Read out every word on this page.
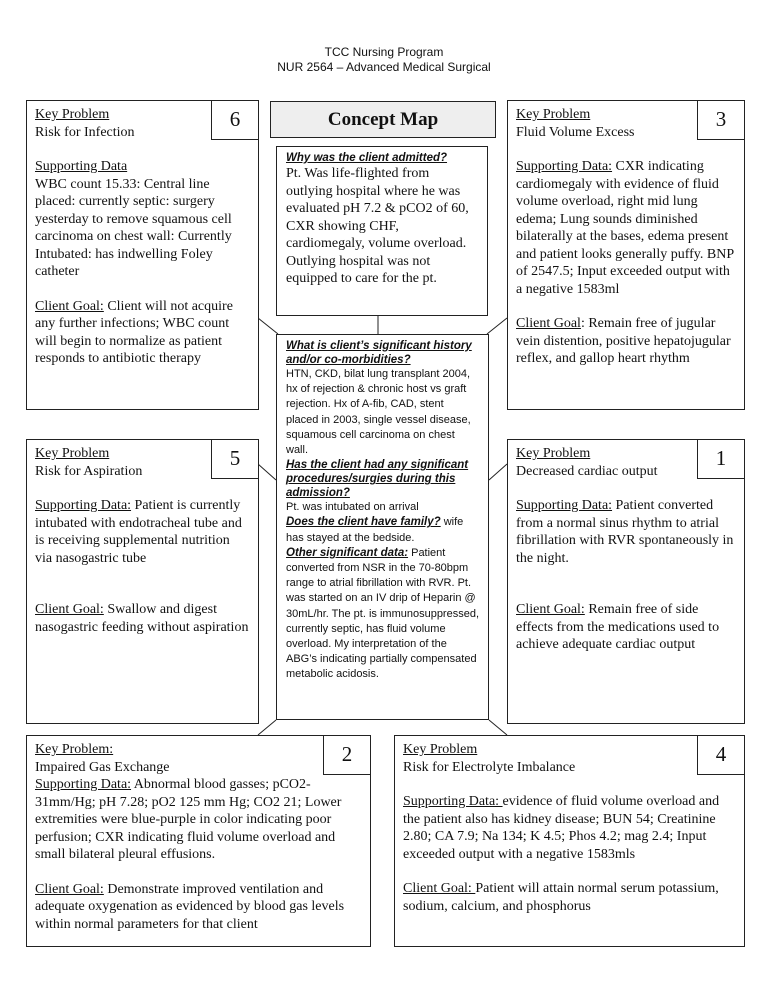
TCC Nursing Program
NUR 2564 – Advanced Medical Surgical
6
Key Problem
Risk for Infection
Supporting Data
WBC count 15.33: Central line placed: currently septic: surgery yesterday to remove squamous cell carcinoma on chest wall: Currently Intubated: has indwelling Foley catheter
Client Goal: Client will not acquire any further infections; WBC count will begin to normalize as patient responds to antibiotic therapy
3
Key Problem
Fluid Volume Excess
Supporting Data: CXR indicating cardiomegaly with evidence of fluid volume overload, right mid lung edema; Lung sounds diminished bilaterally at the bases, edema present and patient looks generally puffy. BNP of 2547.5; Input exceeded output with a negative 1583ml
Client Goal: Remain free of jugular vein distention, positive hepatojugular reflex, and gallop heart rhythm
Concept Map
Why was the client admitted?
Pt. Was life-flighted from outlying hospital where he was evaluated pH 7.2 & pCO2 of 60, CXR showing CHF, cardiomegaly, volume overload. Outlying hospital was not equipped to care for the pt.
What is client’s significant history and/or co-morbidities?
HTN, CKD, bilat lung transplant 2004, hx of rejection & chronic host vs graft rejection. Hx of A-fib, CAD, stent placed in 2003, single vessel disease, squamous cell carcinoma on chest wall.
Has the client had any significant procedures/surgies during this admission?
Pt. was intubated on arrival
Does the client have family? wife has stayed at the bedside.
Other significant data: Patient converted from NSR in the 70-80bpm range to atrial fibrillation with RVR. Pt. was started on an IV drip of Heparin @ 30mL/hr. The pt. is immunosuppressed, currently septic, has fluid volume overload. My interpretation of the ABG’s indicating partially compensated metabolic acidosis.
5
Key Problem
Risk for Aspiration
Supporting Data: Patient is currently intubated with endotracheal tube and is receiving supplemental nutrition via nasogastric tube
Client Goal: Swallow and digest nasogastric feeding without aspiration
1
Key Problem
Decreased cardiac output
Supporting Data: Patient converted from a normal sinus rhythm to atrial fibrillation with RVR spontaneously in the night.
Client Goal: Remain free of side effects from the medications used to achieve adequate cardiac output
2
Key Problem:
Impaired Gas Exchange
Supporting Data: Abnormal blood gasses; pCO2- 31mm/Hg; pH 7.28; pO2 125 mm Hg; CO2 21; Lower extremities were blue-purple in color indicating poor perfusion; CXR indicating fluid volume overload and small bilateral pleural effusions.
Client Goal: Demonstrate improved ventilation and adequate oxygenation as evidenced by blood gas levels within normal parameters for that client
4
Key Problem
Risk for Electrolyte Imbalance
Supporting Data: evidence of fluid volume overload and the patient also has kidney disease; BUN 54; Creatinine 2.80; CA 7.9; Na 134; K 4.5; Phos 4.2; mag 2.4; Input exceeded output with a negative 1583mls
Client Goal: Patient will attain normal serum potassium, sodium, calcium, and phosphorus
